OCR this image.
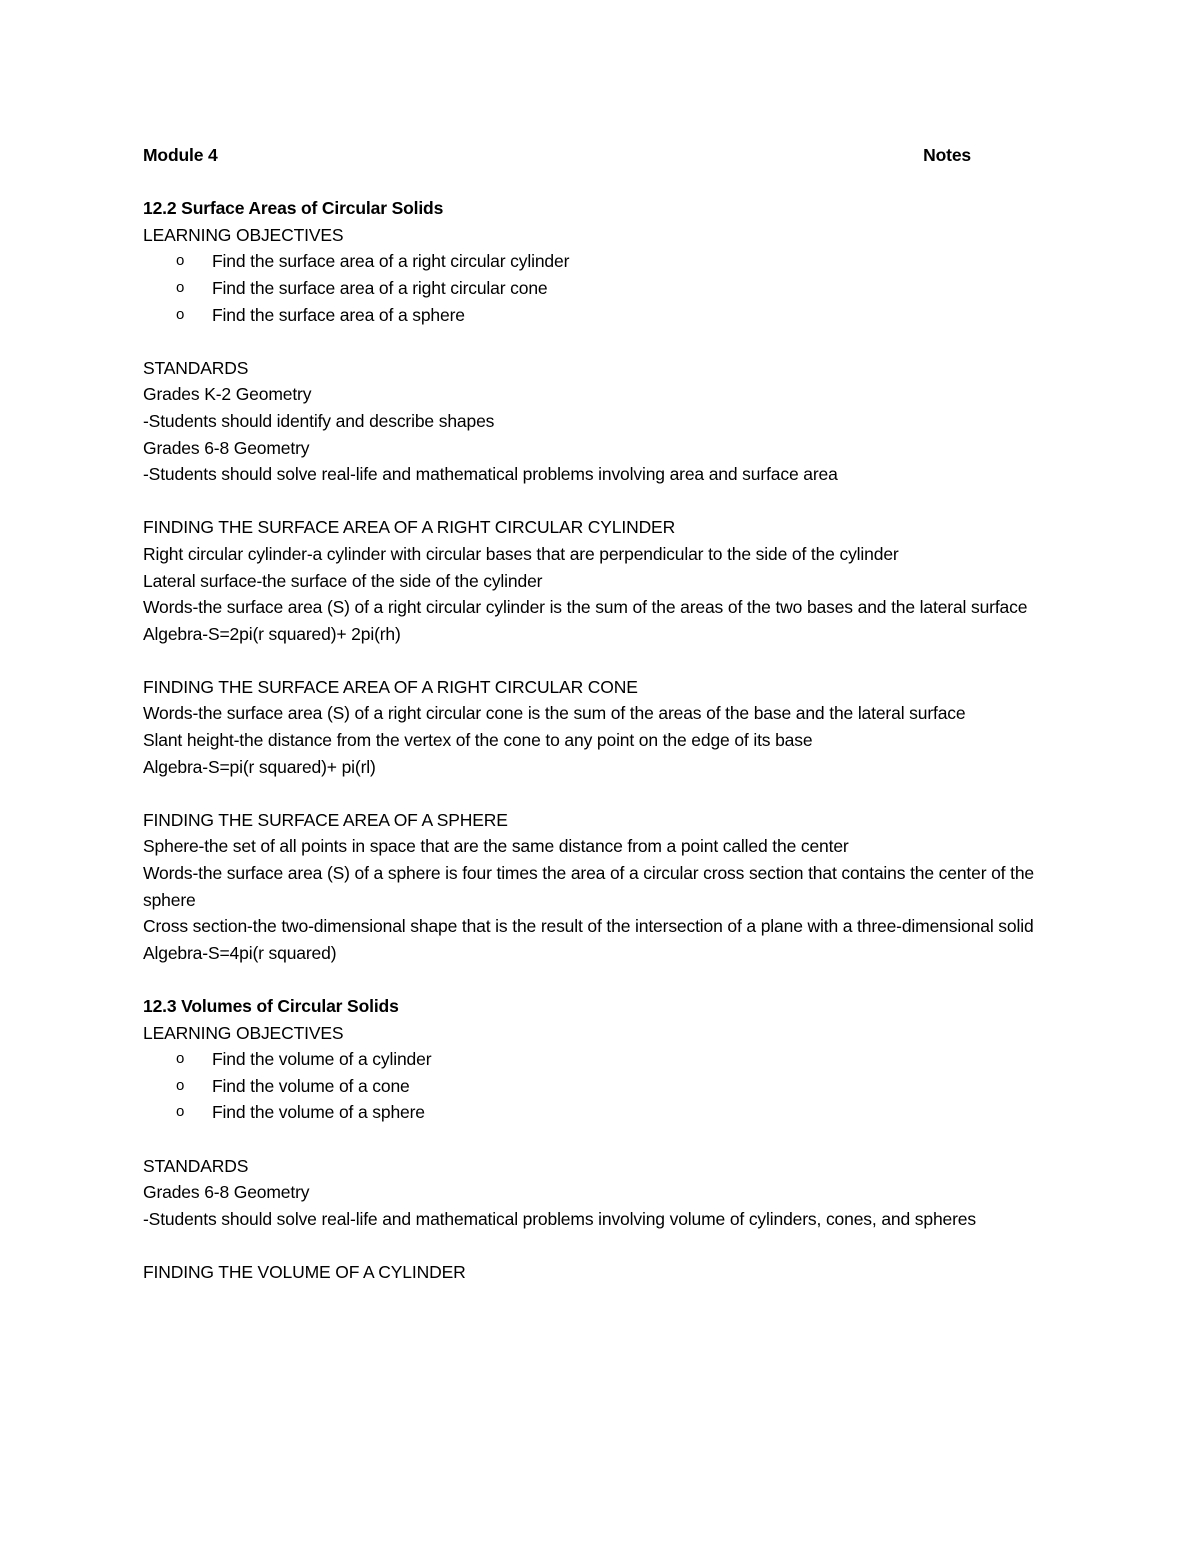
Module 4	Notes
12.2 Surface Areas of Circular Solids
LEARNING OBJECTIVES
o Find the surface area of a right circular cylinder
o Find the surface area of a right circular cone
o Find the surface area of a sphere
STANDARDS
Grades K-2 Geometry
-Students should identify and describe shapes
Grades 6-8 Geometry
-Students should solve real-life and mathematical problems involving area and surface area
FINDING THE SURFACE AREA OF A RIGHT CIRCULAR CYLINDER
Right circular cylinder-a cylinder with circular bases that are perpendicular to the side of the cylinder
Lateral surface-the surface of the side of the cylinder
Words-the surface area (S) of a right circular cylinder is the sum of the areas of the two bases and the lateral surface
Algebra-S=2pi(r squared)+ 2pi(rh)
FINDING THE SURFACE AREA OF A RIGHT CIRCULAR CONE
Words-the surface area (S) of a right circular cone is the sum of the areas of the base and the lateral surface
Slant height-the distance from the vertex of the cone to any point on the edge of its base
Algebra-S=pi(r squared)+ pi(rl)
FINDING THE SURFACE AREA OF A SPHERE
Sphere-the set of all points in space that are the same distance from a point called the center
Words-the surface area (S) of a sphere is four times the area of a circular cross section that contains the center of the sphere
Cross section-the two-dimensional shape that is the result of the intersection of a plane with a three-dimensional solid
Algebra-S=4pi(r squared)
12.3 Volumes of Circular Solids
LEARNING OBJECTIVES
o Find the volume of a cylinder
o Find the volume of a cone
o Find the volume of a sphere
STANDARDS
Grades 6-8 Geometry
-Students should solve real-life and mathematical problems involving volume of cylinders, cones, and spheres
FINDING THE VOLUME OF A CYLINDER
